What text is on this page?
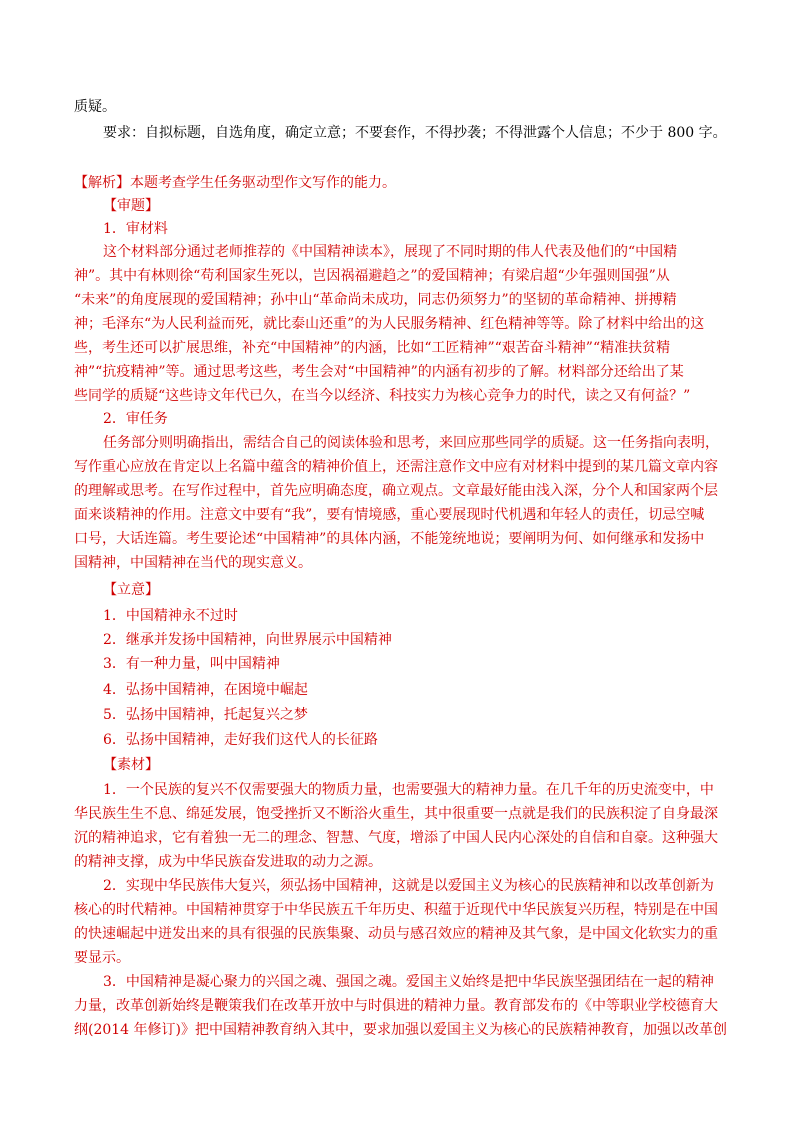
质疑。
要求：自拟标题，自选角度，确定立意；不要套作，不得抄袭；不得泄露个人信息；不少于 800 字。
【解析】本题考查学生任务驱动型作文写作的能力。
【审题】
1．审材料
这个材料部分通过老师推荐的《中国精神读本》，展现了不同时期的伟人代表及他们的“中国精
神”。其中有林则徐“苟利国家生死以，岂因祸福避趋之”的爱国精神；有梁启超“少年强则国强”从
“未来”的角度展现的爱国精神；孙中山“革命尚未成功，同志仍须努力”的坚韧的革命精神、拼搏精
神；毛泽东“为人民利益而死，就比泰山还重”的为人民服务精神、红色精神等等。除了材料中给出的这
些，考生还可以扩展思维，补充“中国精神”的内涵，比如“工匠精神”“艰苦奋斗精神”“精准扶贫精
神”“抗疫精神”等。通过思考这些，考生会对“中国精神”的内涵有初步的了解。材料部分还给出了某
些同学的质疑“这些诗文年代已久，在当今以经济、科技实力为核心竞争力的时代，读之又有何益？”
2．审任务
任务部分则明确指出，需结合自己的阅读体验和思考，来回应那些同学的质疑。这一任务指向表明，
写作重心应放在肯定以上名篇中蕴含的精神价值上，还需注意作文中应有对材料中提到的某几篇文章内容
的理解或思考。在写作过程中，首先应明确态度，确立观点。文章最好能由浅入深，分个人和国家两个层
面来谈精神的作用。注意文中要有“我”，要有情境感，重心要展现时代机遇和年轻人的责任，切忌空喊
口号，大话连篇。考生要论述“中国精神”的具体内涵，不能笼统地说；要阐明为何、如何继承和发扬中
国精神，中国精神在当代的现实意义。
【立意】
1．中国精神永不过时
2．继承并发扬中国精神，向世界展示中国精神
3．有一种力量，叫中国精神
4．弘扬中国精神，在困境中崛起
5．弘扬中国精神，托起复兴之梦
6．弘扬中国精神，走好我们这代人的长征路
【素材】
1．一个民族的复兴不仅需要强大的物质力量，也需要强大的精神力量。在几千年的历史流变中，中
华民族生生不息、绵延发展，饱受挫折又不断浴火重生，其中很重要一点就是我们的民族积淀了自身最深
沉的精神追求，它有着独一无二的理念、智慧、气度，增添了中国人民内心深处的自信和自豪。这种强大
的精神支撑，成为中华民族奋发进取的动力之源。
2．实现中华民族伟大复兴，须弘扬中国精神，这就是以爱国主义为核心的民族精神和以改革创新为
核心的时代精神。中国精神贯穿于中华民族五千年历史、积蕴于近现代中华民族复兴历程，特别是在中国
的快速崛起中迸发出来的具有很强的民族集聚、动员与感召效应的精神及其气象，是中国文化软实力的重
要显示。
3．中国精神是凝心聚力的兴国之魂、强国之魂。爱国主义始终是把中华民族坚强团结在一起的精神
力量，改革创新始终是鞭策我们在改革开放中与时俱进的精神力量。教育部发布的《中等职业学校德育大
纲(2014 年修订)》把中国精神教育纳入其中，要求加强以爱国主义为核心的民族精神教育，加强以改革创
